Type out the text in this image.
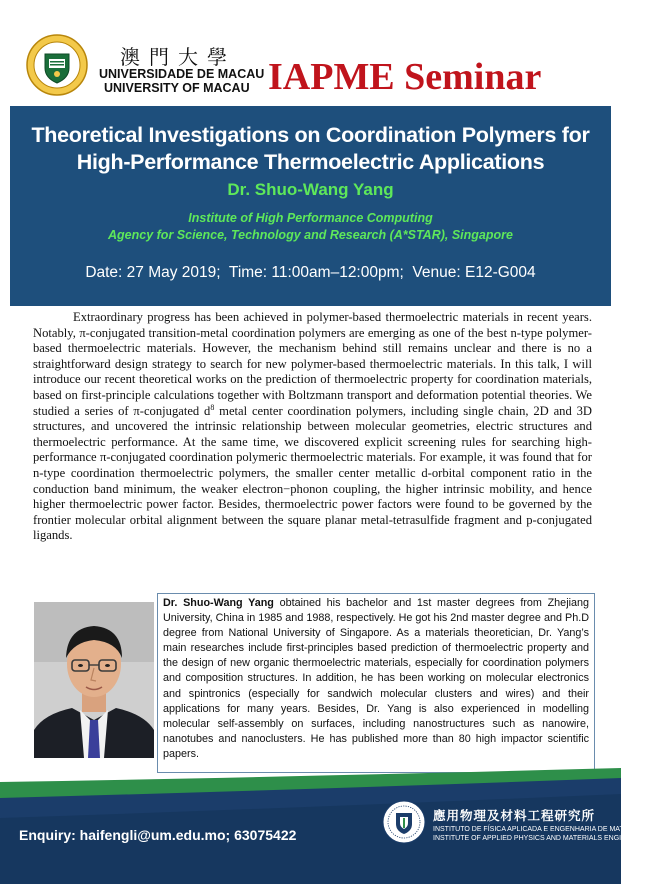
澳門大學
UNIVERSIDADE DE MACAU
UNIVERSITY OF MACAU IAPME Seminar
Theoretical Investigations on Coordination Polymers for
High-Performance Thermoelectric Applications
Dr. Shuo-Wang Yang
Institute of High Performance Computing
Agency for Science, Technology and Research (A*STAR), Singapore
Date: 27 May 2019;  Time: 11:00am–12:00pm;  Venue: E12-G004

Extraordinary progress has been achieved in polymer-based thermoelectric materials in recent years. Notably, π-conjugated transition-metal coordination polymers are emerging as one of the best n-type polymer-based thermoelectric materials. However, the mechanism behind still remains unclear and there is no a straightforward design strategy to search for new polymer-based thermoelectric materials. In this talk, I will introduce our recent theoretical works on the prediction of thermoelectric property for coordination materials, based on first-principle calculations together with Boltzmann transport and deformation potential theories. We studied a series of π-conjugated $d^8$ metal center coordination polymers, including single chain, 2D and 3D structures, and uncovered the intrinsic relationship between molecular geometries, electric structures and thermoelectric performance. At the same time, we discovered explicit screening rules for searching high-performance π-conjugated coordination polymeric thermoelectric materials. For example, it was found that for n-type coordination thermoelectric polymers, the smaller center metallic d-orbital component ratio in the conduction band minimum, the weaker electron−phonon coupling, the higher intrinsic mobility, and hence higher thermoelectric power factor. Besides, thermoelectric power factors were found to be governed by the frontier molecular orbital alignment between the square planar metal-tetrasulfide fragment and p-conjugated ligands.

Dr. Shuo-Wang Yang obtained his bachelor and 1st master degrees from Zhejiang University, China in 1985 and 1988, respectively. He got his 2nd master degree and Ph.D degree from National University of Singapore. As a materials theoretician, Dr. Yang’s main researches include first-principles based prediction of thermoelectric property and the design of new organic thermoelectric materials, especially for coordination polymers and composition structures. In addition, he has been working on molecular electronics and spintronics (especially for sandwich molecular clusters and wires) and their applications for many years. Besides, Dr. Yang is also experienced in modelling molecular self-assembly on surfaces, including nanostructures such as nanowire, nanotubes and nanoclusters. He has published more than 80 high impactor scientific papers.

Enquiry: haifengli@um.edu.mo; 63075422
應用物理及材料工程研究所
INSTITUTO DE FÍSICA APLICADA E ENGENHARIA DE MATERIAIS
INSTITUTE OF APPLIED PHYSICS AND MATERIALS ENGINEERING
